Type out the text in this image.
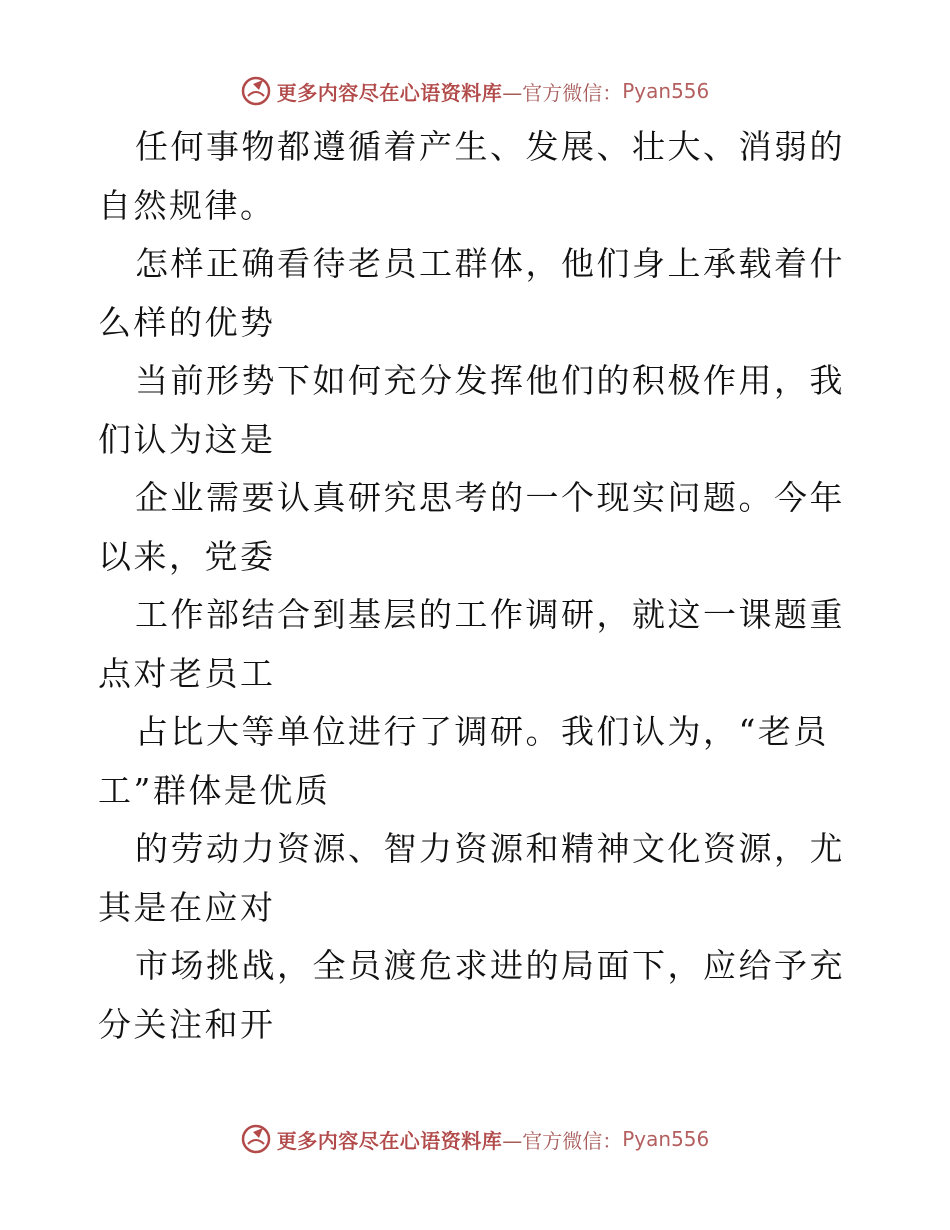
更多内容尽在心语资料库 —官方微信： Pyan556

任何事物都遵循着产生、发展、壮大、消弱的自然规律。

怎样正确看待老员工群体，他们身上承载着什么样的优势

当前形势下如何充分发挥他们的积极作用，我们认为这是

企业需要认真研究思考的一个现实问题。今年以来，党委

工作部结合到基层的工作调研，就这一课题重点对老员工

占比大等单位进行了调研。我们认为，“老员工”群体是优质

的劳动力资源、智力资源和精神文化资源，尤其是在应对

市场挑战，全员渡危求进的局面下，应给予充分关注和开

更多内容尽在心语资料库 —官方微信： Pyan556
